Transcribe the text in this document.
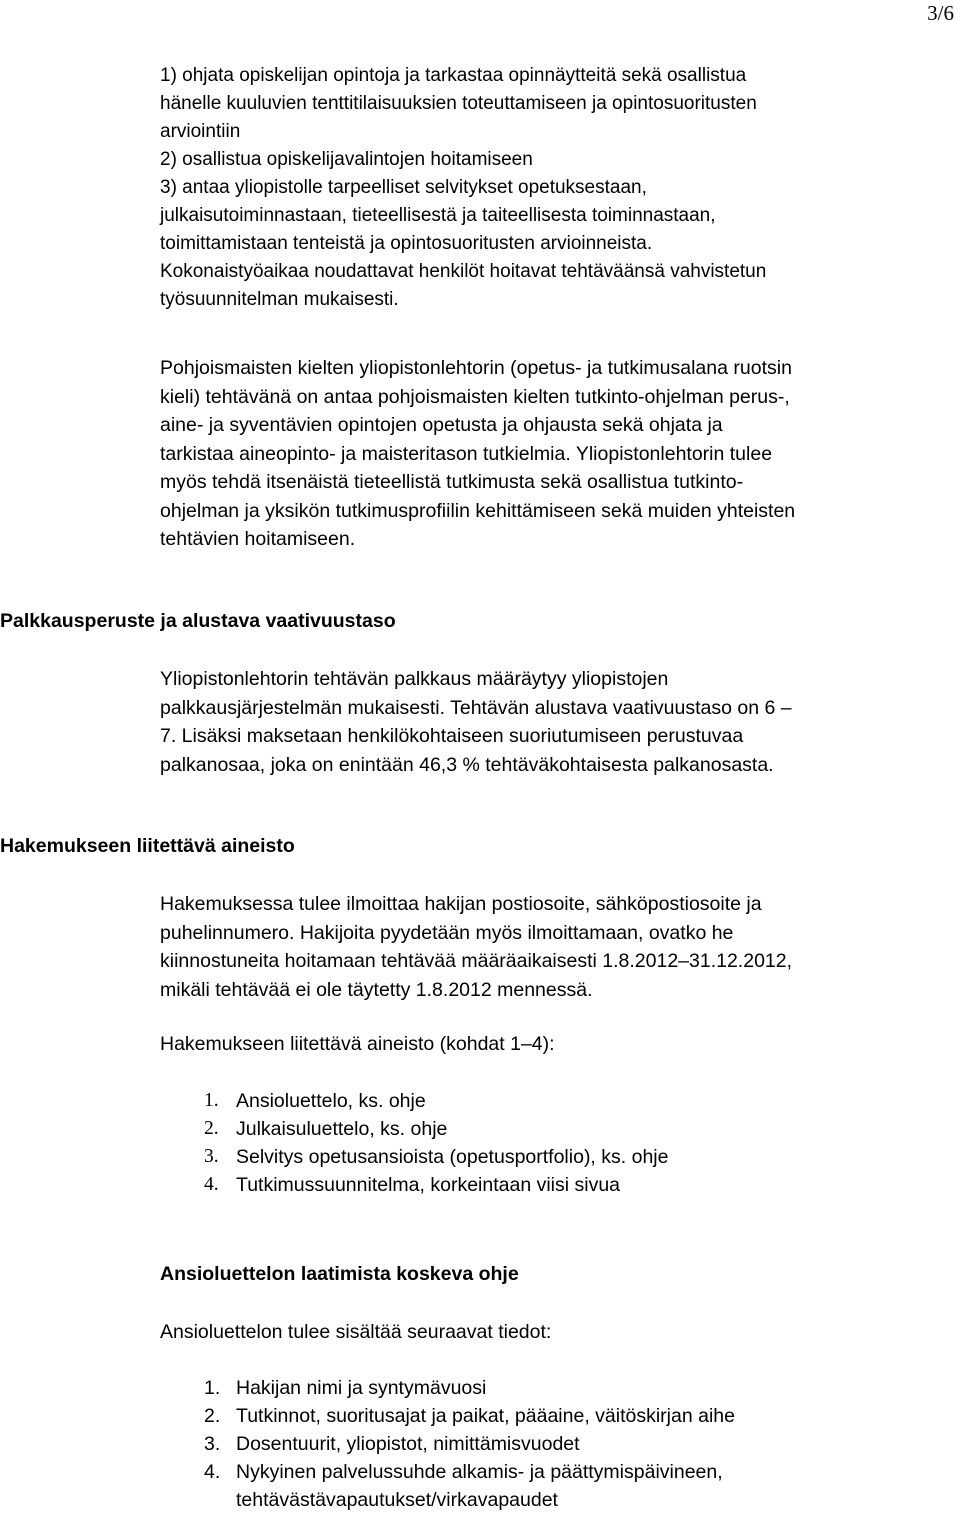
3/6
1) ohjata opiskelijan opintoja ja tarkastaa opinnäytteitä sekä osallistua
hänelle kuuluvien tenttitilaisuuksien toteuttamiseen ja opintosuoritusten
arviointiin
2) osallistua opiskelijavalintojen hoitamiseen
3) antaa yliopistolle tarpeelliset selvitykset opetuksestaan,
julkaisutoiminnastaan, tieteellisestä ja taiteellisesta toiminnastaan,
toimittamistaan tenteistä ja opintosuoritusten arvioinneista.
Kokonaistyöaikaa noudattavat henkilöt hoitavat tehtäväänsä vahvistetun
työsuunnitelman mukaisesti.
Pohjoismaisten kielten yliopistonlehtorin (opetus- ja tutkimusalana ruotsin
kieli) tehtävänä on antaa pohjoismaisten kielten tutkinto-ohjelman perus-,
aine- ja syventävien opintojen opetusta ja ohjausta sekä ohjata ja
tarkistaa aineopinto- ja maisteritason tutkielmia. Yliopistonlehtorin tulee
myös tehdä itsenäistä tieteellistä tutkimusta sekä osallistua tutkinto-
ohjelman ja yksikön tutkimusprofiilin kehittämiseen sekä muiden yhteisten
tehtävien hoitamiseen.
Palkkausperuste ja alustava vaativuustaso
Yliopistonlehtorin tehtävän palkkaus määräytyy yliopistojen
palkkausjärjestelmän mukaisesti. Tehtävän alustava vaativuustaso on 6 –
7. Lisäksi maksetaan henkilökohtaiseen suoriutumiseen perustuvaa
palkanosaa, joka on enintään 46,3 % tehtäväkohtaisesta palkanosasta.
Hakemukseen liitettävä aineisto
Hakemuksessa tulee ilmoittaa hakijan postiosoite, sähköpostiosoite ja
puhelinnumero. Hakijoita pyydetään myös ilmoittamaan, ovatko he
kiinnostuneita hoitamaan tehtävää määräaikaisesti 1.8.2012–31.12.2012,
mikäli tehtävää ei ole täytetty 1.8.2012 mennessä.
Hakemukseen liitettävä aineisto (kohdat 1–4):
1. Ansioluettelo, ks. ohje
2. Julkaisuluettelo, ks. ohje
3. Selvitys opetusansioista (opetusportfolio), ks. ohje
4. Tutkimussuunnitelma, korkeintaan viisi sivua
Ansioluettelon laatimista koskeva ohje
Ansioluettelon tulee sisältää seuraavat tiedot:
1. Hakijan nimi ja syntymävuosi
2. Tutkinnot, suoritusajat ja paikat, pääaine, väitöskirjan aihe
3. Dosentuurit, yliopistot, nimittämisvuodet
4. Nykyinen palvelussuhde alkamis- ja päättymispäivineen,
tehtävästävapautukset/virkavapaudet
